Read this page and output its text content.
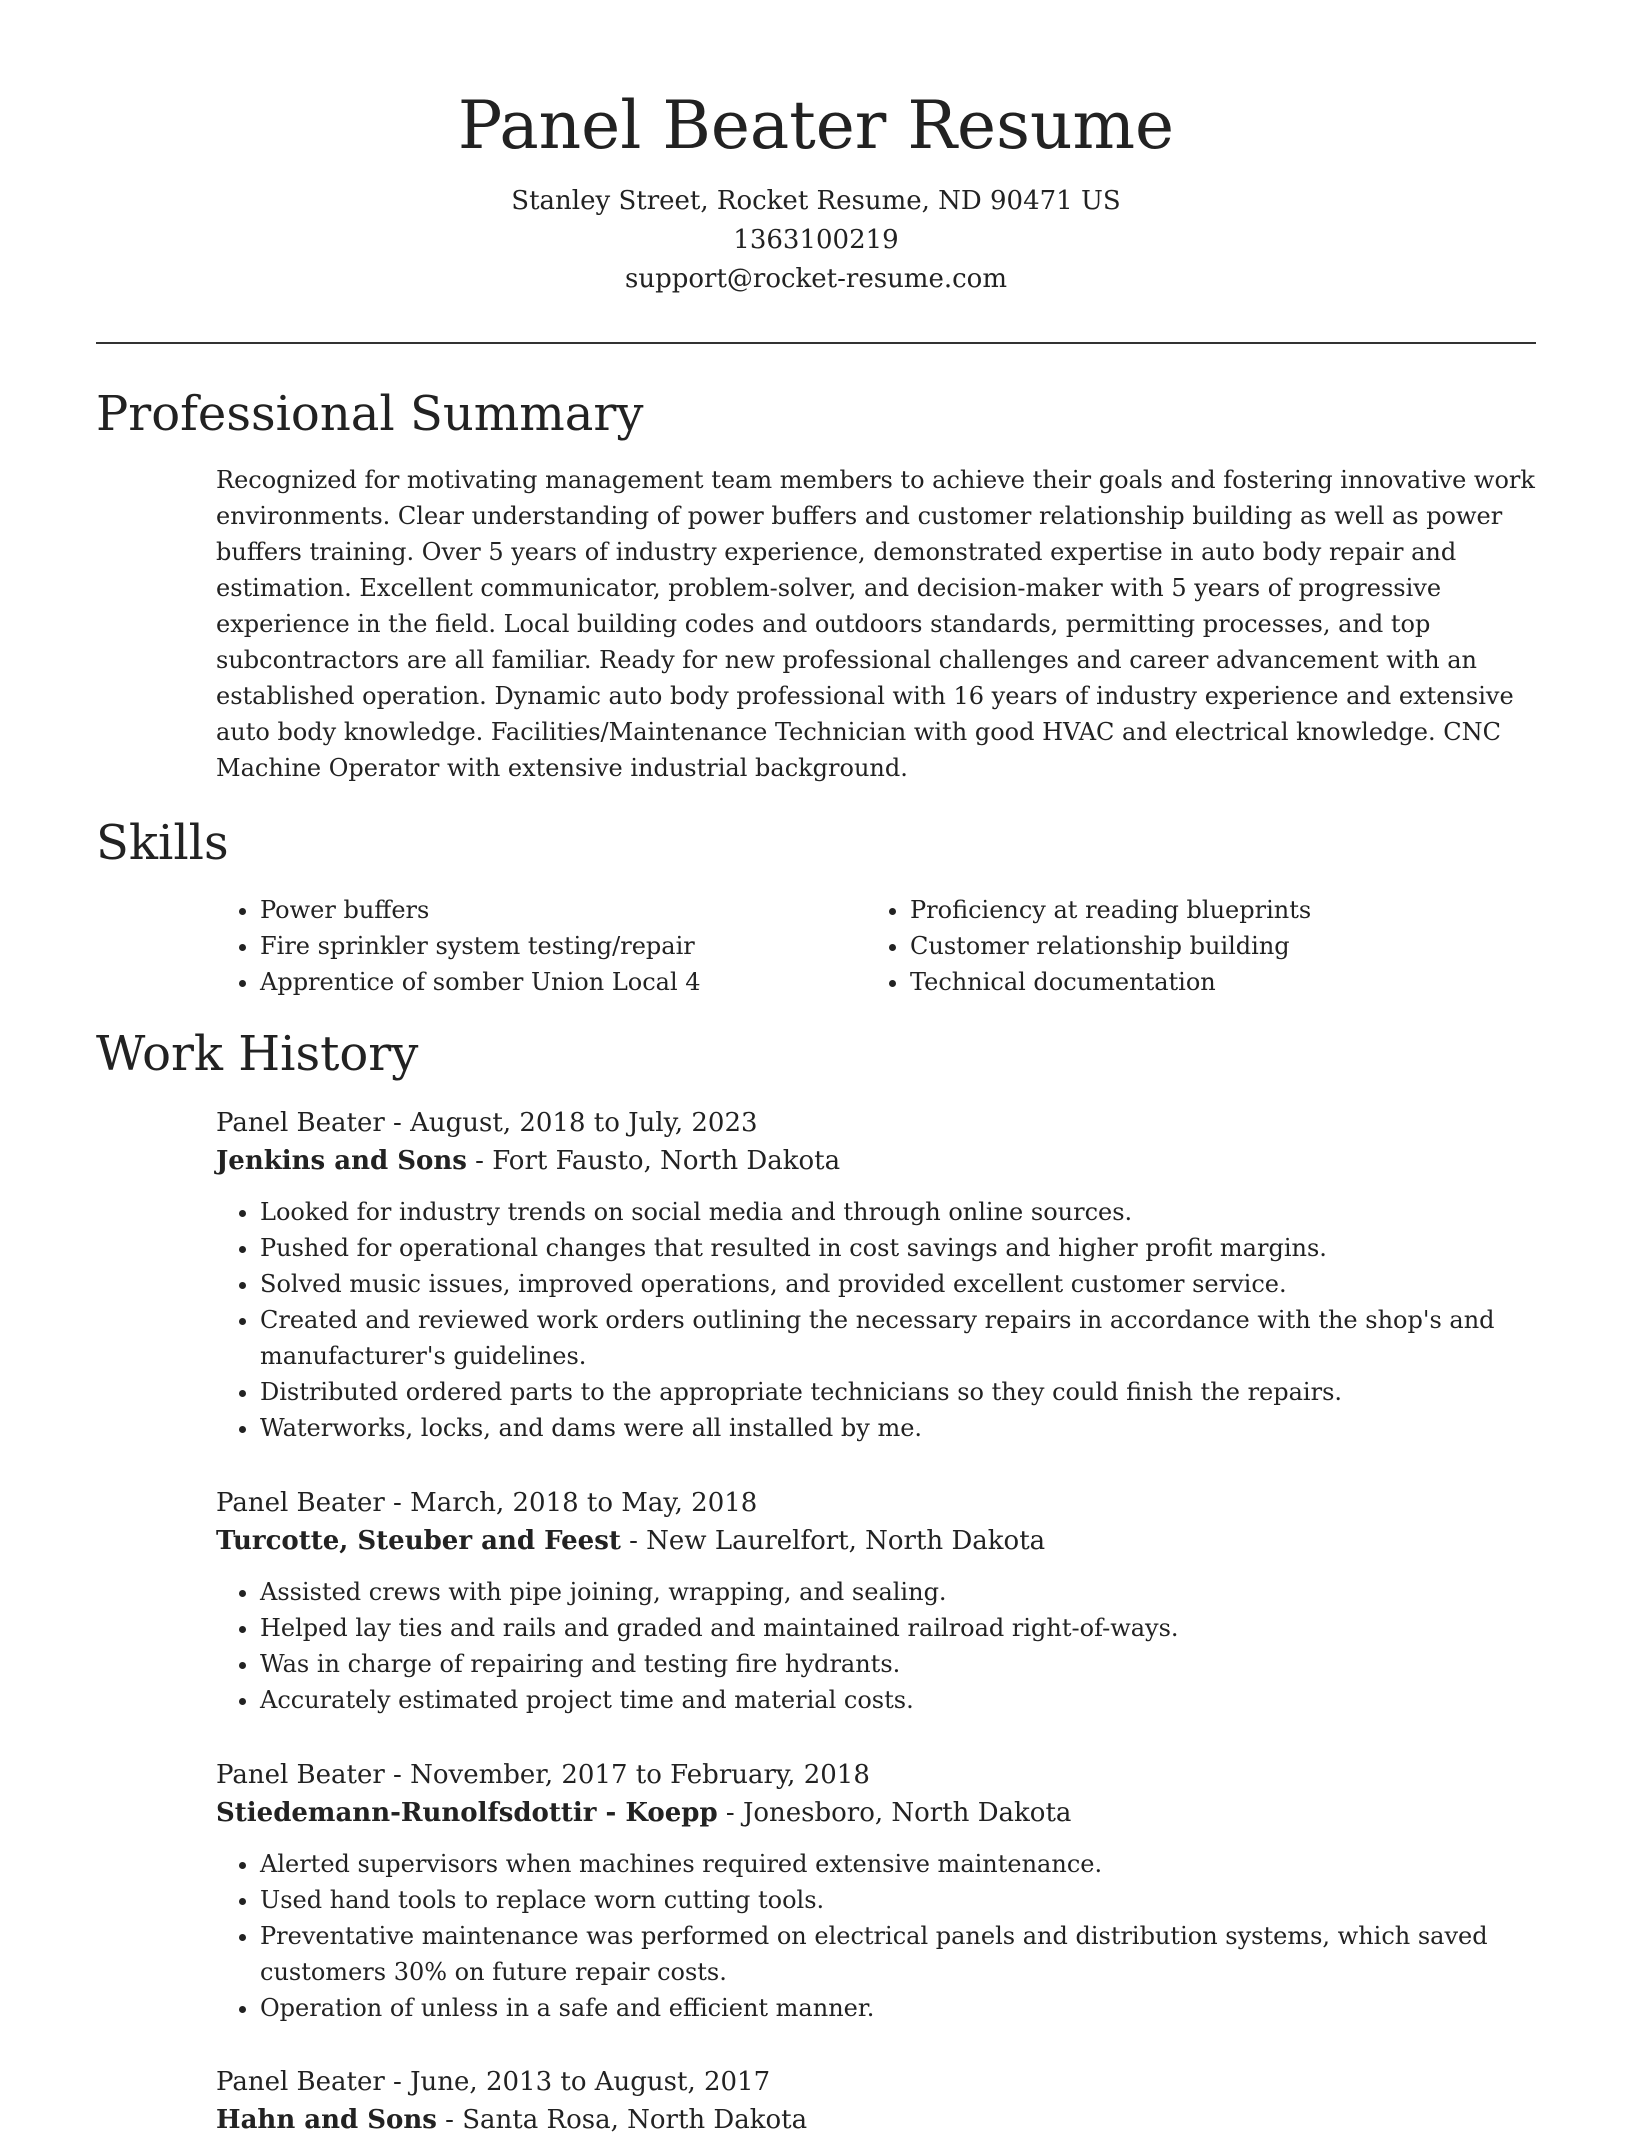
Panel Beater Resume

Stanley Street, Rocket Resume, ND 90471 US

1363100219

support@rocket-resume.com

Professional Summary

Recognized for motivating management team members to achieve their goals and fostering innovative work environments. Clear understanding of power buffers and customer relationship building as well as power buffers training. Over 5 years of industry experience, demonstrated expertise in auto body repair and estimation. Excellent communicator, problem-solver, and decision-maker with 5 years of progressive experience in the field. Local building codes and outdoors standards, permitting processes, and top subcontractors are all familiar. Ready for new professional challenges and career advancement with an established operation. Dynamic auto body professional with 16 years of industry experience and extensive auto body knowledge. Facilities/Maintenance Technician with good HVAC and electrical knowledge. CNC Machine Operator with extensive industrial background.

Skills
• Power buffers
• Fire sprinkler system testing/repair
• Apprentice of somber Union Local 4
• Proficiency at reading blueprints
• Customer relationship building
• Technical documentation
Work History

Panel Beater - August, 2018 to July, 2023

Jenkins and Sons - Fort Fausto, North Dakota

• Looked for industry trends on social media and through online sources.
• Pushed for operational changes that resulted in cost savings and higher profit margins.
• Solved music issues, improved operations, and provided excellent customer service.
• Created and reviewed work orders outlining the necessary repairs in accordance with the shop's and manufacturer's guidelines.
• Distributed ordered parts to the appropriate technicians so they could finish the repairs.
• Waterworks, locks, and dams were all installed by me.

Panel Beater - March, 2018 to May, 2018

Turcotte, Steuber and Feest - New Laurelfort, North Dakota

• Assisted crews with pipe joining, wrapping, and sealing.
• Helped lay ties and rails and graded and maintained railroad right-of-ways.
• Was in charge of repairing and testing fire hydrants.
• Accurately estimated project time and material costs.

Panel Beater - November, 2017 to February, 2018

Stiedemann-Runolfsdottir - Koepp - Jonesboro, North Dakota

• Alerted supervisors when machines required extensive maintenance.
• Used hand tools to replace worn cutting tools.
• Preventative maintenance was performed on electrical panels and distribution systems, which saved customers 30% on future repair costs.
• Operation of unless in a safe and efficient manner.

Panel Beater - June, 2013 to August, 2017

Hahn and Sons - Santa Rosa, North Dakota
